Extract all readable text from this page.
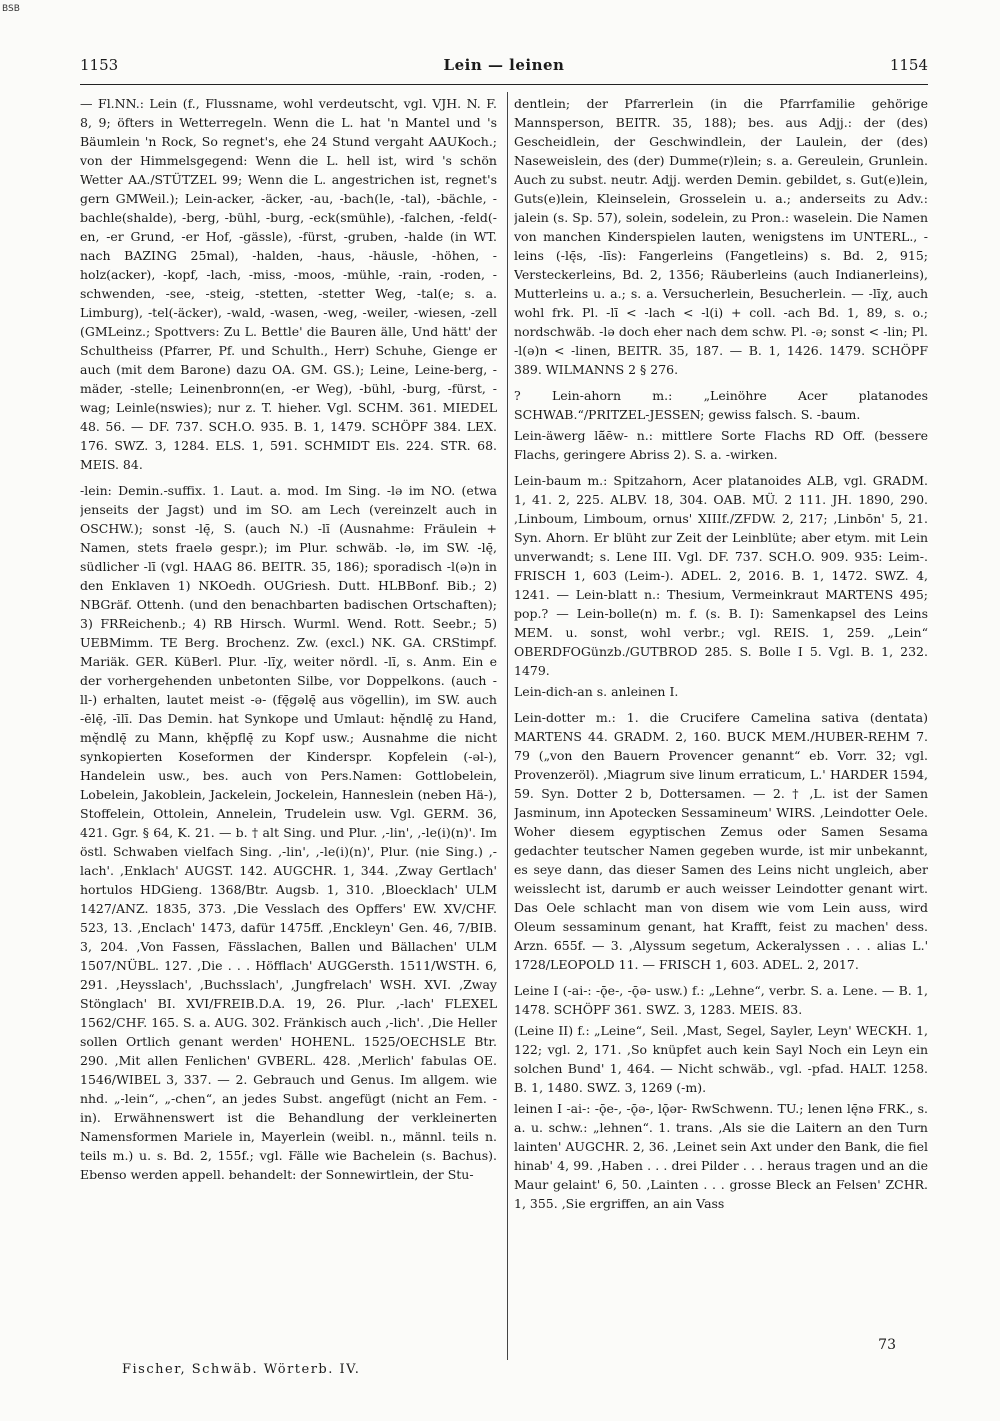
BSB
1153	Lein — leinen	1154

— Fl.NN.: Lein (f., Flussname, wohl verdeutscht, vgl. VJH. N. F. 8, 9; öfters in Wetterregeln. Wenn die L. hat 'n Mantel und 's Bäumlein 'n Rock, So regnet's, ehe 24 Stund vergaht AAUKoch.; von der Himmelsgegend: Wenn die L. hell ist, wird 's schön Wetter AA./STÜTZEL 99; Wenn die L. angestrichen ist, regnet's gern GMWeil.); Lein-acker, -äcker, -au, -bach(le, -tal), -bächle, -bachle(shalde), -berg, -bühl, -burg, -eck(smühle), -falchen, -feld(-en, -er Grund, -er Hof, -gässle), -fürst, -gruben, -halde (in WT. nach BAZING 25mal), -halden, -haus, -häusle, -höhen, -holz(acker), -kopf, -lach, -miss, -moos, -mühle, -rain, -roden, -schwenden, -see, -steig, -stetten, -stetter Weg, -tal(e; s. a. Limburg), -tel(-äcker), -wald, -wasen, -weg, -weiler, -wiesen, -zell (GMLeinz.; Spottvers: Zu L. Bettle' die Bauren älle, Und hätt' der Schultheiss (Pfarrer, Pf. und Schulth., Herr) Schuhe, Gienge er auch (mit dem Barone) dazu OA. GM. GS.); Leine, Leine-berg, -mäder, -stelle; Leinenbronn(en, -er Weg), -bühl, -burg, -fürst, -wag; Leinle(nswies); nur z. T. hieher. Vgl. SCHM. 361. MIEDEL 48. 56. — DF. 737. SCH.O. 935. B. 1, 1479. SCHÖPF 384. LEX. 176. SWZ. 3, 1284. ELS. 1, 591. SCHMIDT Els. 224. STR. 68. MEIS. 84.

-lein: Demin.-suffix. 1. Laut. a. mod. Im Sing. -lə im NO. (etwa jenseits der Jagst) und im SO. am Lech (vereinzelt auch in OSCHW.); sonst -lę̄, S. (auch N.) -lī (Ausnahme: Fräulein + Namen, stets fraelə gespr.); im Plur. schwäb. -lə, im SW. -lę̄, südlicher -lī (vgl. HAAG 86. BEITR. 35, 186); sporadisch -l(ə)n in den Enklaven 1) NKOedh. OUGriesh. Dutt. HLBBonf. Bib.; 2) NBGräf. Ottenh. (und den benachbarten badischen Ortschaften); 3) FRReichenb.; 4) RB Hirsch. Wurml. Wend. Rott. Seebr.; 5) UEBMimm. TE Berg. Brochenz. Zw. (excl.) NK. GA. CRStimpf. Mariäk. GER. KüBerl. Plur. -līχ, weiter nördl. -lī, s. Anm. Ein e der vorhergehenden unbetonten Silbe, vor Doppelkons. (auch -ll-) erhalten, lautet meist -ə- (fę̄gəlę̄ aus vögellin), im SW. auch -ēlę̄, -īlī. Das Demin. hat Synkope und Umlaut: hę̆ndlę̄ zu Hand, mę̆ndlę̄ zu Mann, khę̆pflę̄ zu Kopf usw.; Ausnahme die nicht synkopierten Koseformen der Kinderspr. Kopfelein (-əl-), Handelein usw., bes. auch von Pers.Namen: Gottlobelein, Lobelein, Jakoblein, Jackelein, Jockelein, Hanneslein (neben Hä-), Stoffelein, Ottolein, Annelein, Trudelein usw. Vgl. GERM. 36, 421. Ggr. § 64, K. 21. — b. † alt Sing. und Plur. ,-lin', ,-le(i)(n)'. Im östl. Schwaben vielfach Sing. ,-lin', ,-le(i)(n)', Plur. (nie Sing.) ,-lach'. ,Enklach' AUGST. 142. AUGCHR. 1, 344. ,Zway Gertlach' hortulos HDGieng. 1368/Btr. Augsb. 1, 310. ,Bloecklach' ULM 1427/ANZ. 1835, 373. ,Die Vesslach des Opffers' EW. XV/CHF. 523, 13. ,Enclach' 1473, dafür 1475ff. ,Enckleyn' Gen. 46, 7/BIB. 3, 204. ,Von Fassen, Fässlachen, Ballen und Bällachen' ULM 1507/NÜBL. 127. ,Die . . . Höfflach' AUGGersth. 1511/WSTH. 6, 291. ,Heysslach', ,Buchsslach', ,Jungfrelach' WSH. XVI. ,Zway Stönglach' BI. XVI/FREIB.D.A. 19, 26. Plur. ,-lach' FLEXEL 1562/CHF. 165. S. a. AUG. 302. Fränkisch auch ,-lich'. ,Die Heller sollen Ortlich genant werden' HOHENL. 1525/OECHSLE Btr. 290. ,Mit allen Fenlichen' GVBERL. 428. ,Merlich' fabulas OE. 1546/WIBEL 3, 337. — 2. Gebrauch und Genus. Im allgem. wie nhd. „-lein“, „-chen“, an jedes Subst. angefügt (nicht an Fem. -in). Erwähnenswert ist die Behandlung der verkleinerten Namensformen Mariele in, Mayerlein (weibl. n., männl. teils n. teils m.) u. s. Bd. 2, 155f.; vgl. Fälle wie Bachelein (s. Bachus). Ebenso werden appell. behandelt: der Sonnewirtlein, der Stu-

dentlein; der Pfarrerlein (in die Pfarrfamilie gehörige Mannsperson, BEITR. 35, 188); bes. aus Adjj.: der (des) Gescheidlein, der Geschwindlein, der Laulein, der (des) Naseweislein, des (der) Dumme(r)lein; s. a. Gereulein, Grunlein. Auch zu subst. neutr. Adjj. werden Demin. gebildet, s. Gut(e)lein, Guts(e)lein, Kleinselein, Grosselein u. a.; anderseits zu Adv.: jalein (s. Sp. 57), solein, sodelein, zu Pron.: waselein. Die Namen von manchen Kinderspielen lauten, wenigstens im UNTERL., -leins (-lę̄s, -līs): Fangerleins (Fangetleins) s. Bd. 2, 915; Versteckerleins, Bd. 2, 1356; Räuberleins (auch Indianerleins), Mutterleins u. a.; s. a. Versucherlein, Besucherlein. — -līχ, auch wohl frk. Pl. -lī < -lach < -l(i) + coll. -ach Bd. 1, 89, s. o.; nordschwäb. -lə doch eher nach dem schw. Pl. -ə; sonst < -lin; Pl. -l(ə)n < -linen, BEITR. 35, 187. — B. 1, 1426. 1479. SCHÖPF 389. WILMANNS 2 § 276.

? Lein-ahorn m.: „Leinöhre Acer platanodes SCHWAB.“/PRITZEL-JESSEN; gewiss falsch. S. -baum.

Lein-äwerg lā̆ēw- n.: mittlere Sorte Flachs RD Off. (bessere Flachs, geringere Abriss 2). S. a. -wirken.

Lein-baum m.: Spitzahorn, Acer platanoides ALB, vgl. GRADM. 1, 41. 2, 225. ALBV. 18, 304. OAB. MÜ. 2 111. JH. 1890, 290. ,Linboum, Limboum, ornus' XIIIf./ZFDW. 2, 217; ,Linbōn' 5, 21. Syn. Ahorn. Er blüht zur Zeit der Leinblüte; aber etym. mit Lein unverwandt; s. Lene III. Vgl. DF. 737. SCH.O. 909. 935: Leim-. FRISCH 1, 603 (Leim-). ADEL. 2, 2016. B. 1, 1472. SWZ. 4, 1241. — Lein-blatt n.: Thesium, Vermeinkraut MARTENS 495; pop.? — Lein-bolle(n) m. f. (s. B. I): Samenkapsel des Leins MEM. u. sonst, wohl verbr.; vgl. REIS. 1, 259. „Lein“ OBERDFOGünzb./GUTBROD 285. S. Bolle I 5. Vgl. B. 1, 232. 1479.

Lein-dich-an s. anleinen I.

Lein-dotter m.: 1. die Crucifere Camelina sativa (dentata) MARTENS 44. GRADM. 2, 160. BUCK MEM./HUBER-REHM 7. 79 („von den Bauern Provencer genannt“ eb. Vorr. 32; vgl. Provenzeröl). ,Miagrum sive linum erraticum, L.' HARDER 1594, 59. Syn. Dotter 2 b, Dottersamen. — 2. † ,L. ist der Samen Jasminum, inn Apotecken Sessamineum' WIRS. ,Leindotter Oele. Woher diesem egyptischen Zemus oder Samen Sesama gedachter teutscher Namen gegeben wurde, ist mir unbekannt, es seye dann, das dieser Samen des Leins nicht ungleich, aber weisslecht ist, darumb er auch weisser Leindotter genant wirt. Das Oele schlacht man von disem wie vom Lein auss, wird Oleum sessaminum genant, hat Krafft, feist zu machen' dess. Arzn. 655f. — 3. ,Alyssum segetum, Ackeralyssen . . . alias L.' 1728/LEOPOLD 11. — FRISCH 1, 603. ADEL. 2, 2017.

Leine I (-ai-: -ǭe-, -ǭə- usw.) f.: „Lehne“, verbr. S. a. Lene. — B. 1, 1478. SCHÖPF 361. SWZ. 3, 1283. MEIS. 83.

(Leine II) f.: „Leine“, Seil. ,Mast, Segel, Sayler, Leyn' WECKH. 1, 122; vgl. 2, 171. ,So knüpfet auch kein Sayl Noch ein Leyn ein solchen Bund' 1, 464. — Nicht schwäb., vgl. -pfad. HALT. 1258. B. 1, 1480. SWZ. 3, 1269 (-m).

leinen I -ai-: -ǭe-, -ǭə-, lǭər- RwSchwenn. TU.; lenen lę̄nə FRK., s. a. u. schw.: „lehnen“. 1. trans. ,Als sie die Laitern an den Turn lainten' AUGCHR. 2, 36. ,Leinet sein Axt under den Bank, die fiel hinab' 4, 99. ,Haben . . . drei Pilder . . . heraus tragen und an die Maur gelaint' 6, 50. ,Lainten . . . grosse Bleck an Felsen' ZCHR. 1, 355. ,Sie ergriffen, an ain Vass

Fischer, Schwäb. Wörterb. IV.
73
